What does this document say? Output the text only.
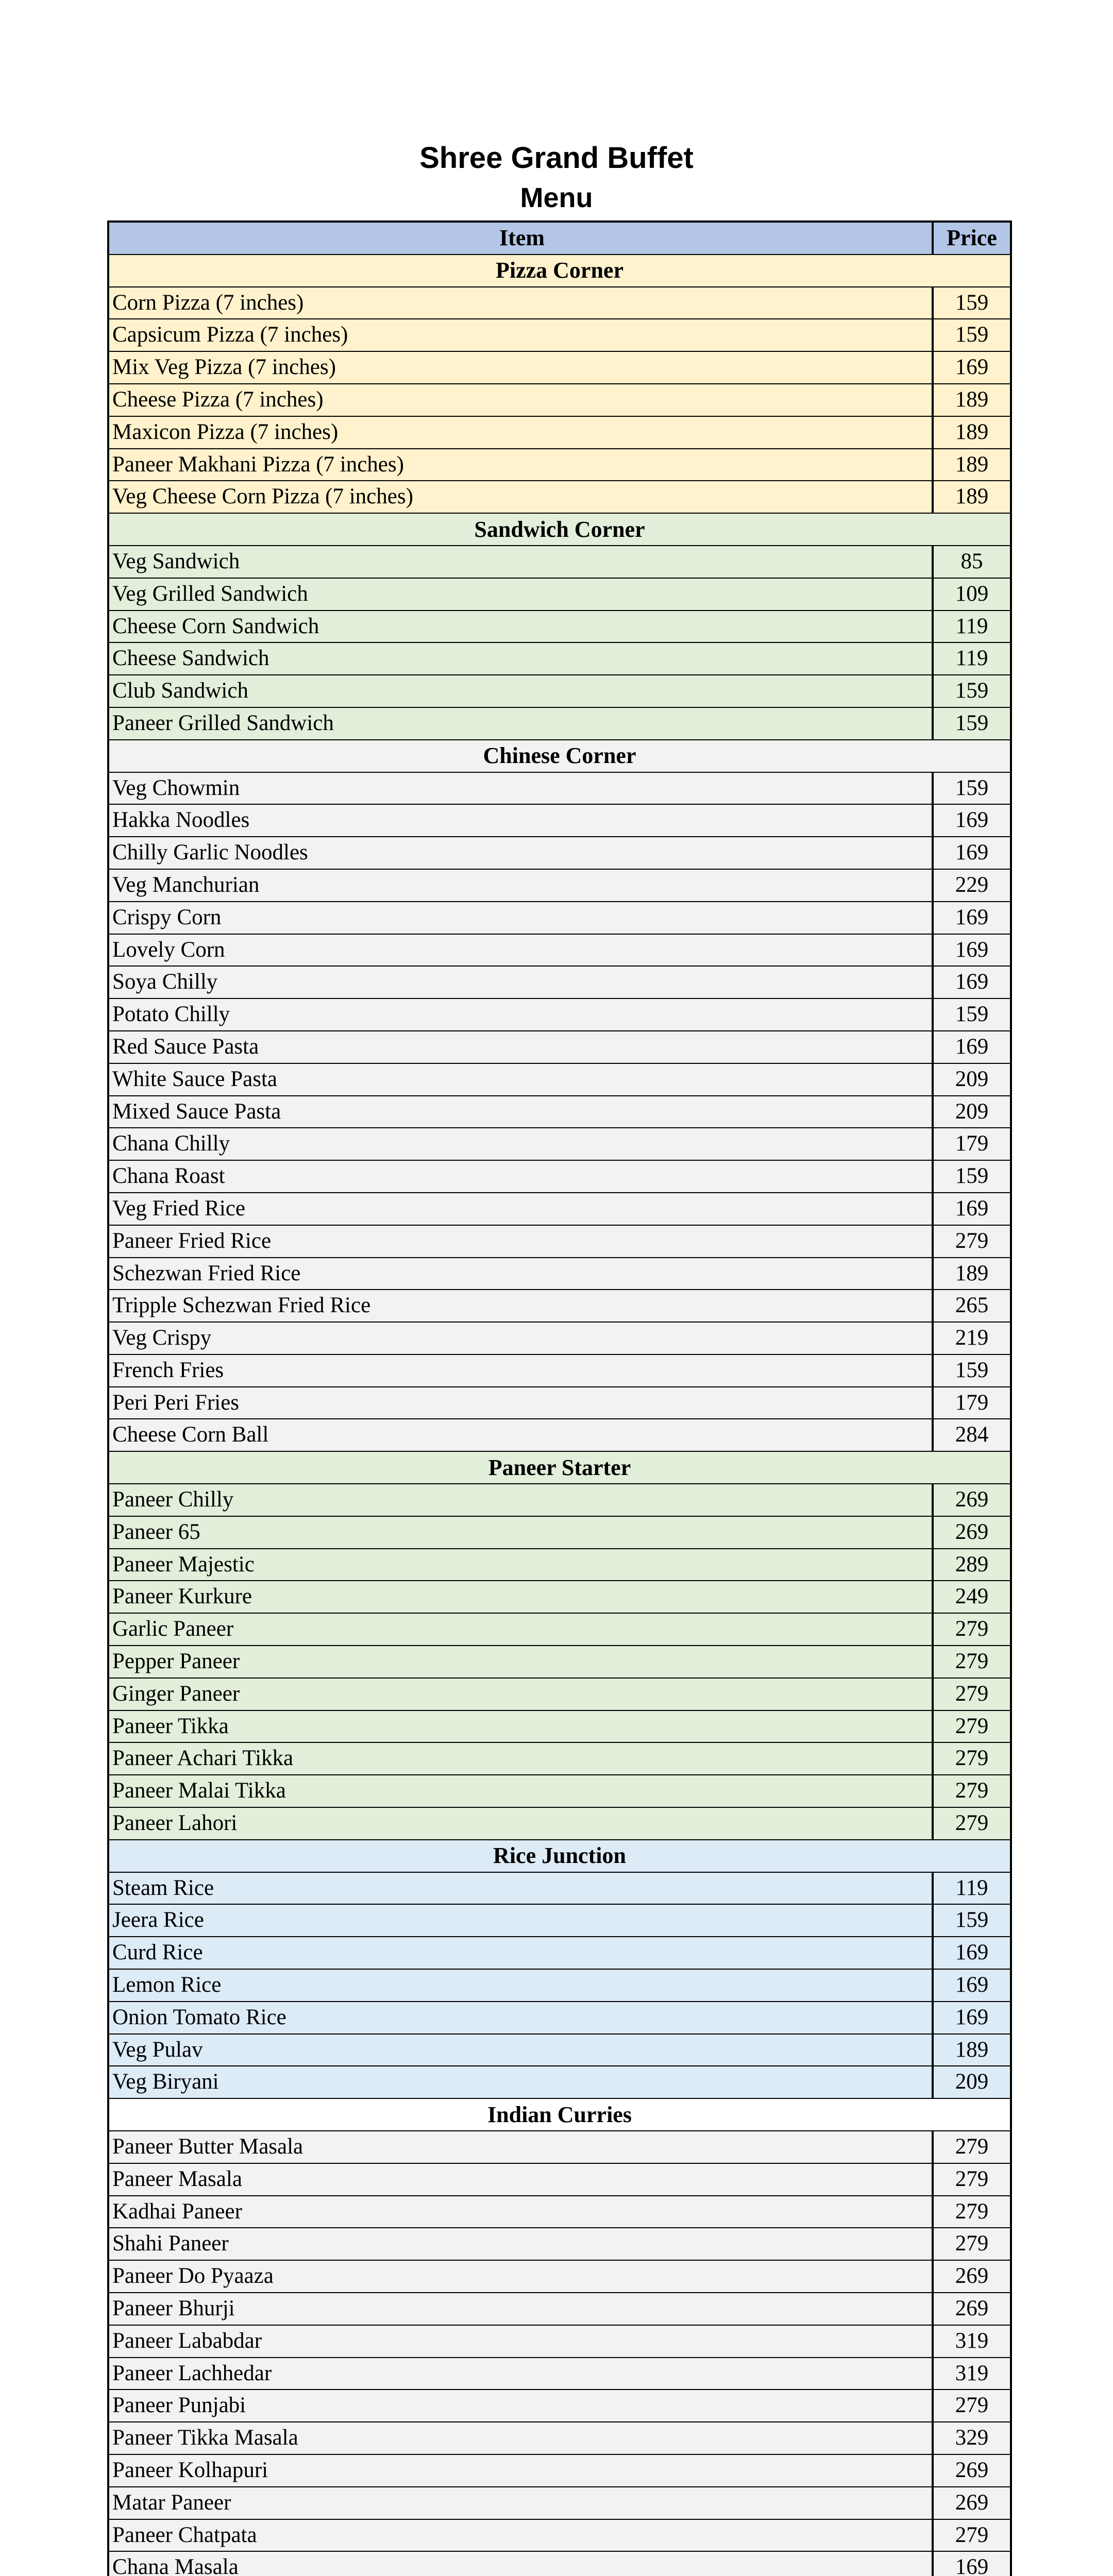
Shree Grand Buffet
Menu
Item	Price
Pizza Corner
Corn Pizza (7 inches)	159
Capsicum Pizza (7 inches)	159
Mix Veg Pizza (7 inches)	169
Cheese Pizza (7 inches)	189
Maxicon Pizza (7 inches)	189
Paneer Makhani Pizza (7 inches)	189
Veg Cheese Corn Pizza (7 inches)	189
Sandwich Corner
Veg Sandwich	85
Veg Grilled Sandwich	109
Cheese Corn Sandwich	119
Cheese Sandwich	119
Club Sandwich	159
Paneer Grilled Sandwich	159
Chinese Corner
Veg Chowmin	159
Hakka Noodles	169
Chilly Garlic Noodles	169
Veg Manchurian	229
Crispy Corn	169
Lovely Corn	169
Soya Chilly	169
Potato Chilly	159
Red Sauce Pasta	169
White Sauce Pasta	209
Mixed Sauce Pasta	209
Chana Chilly	179
Chana Roast	159
Veg Fried Rice	169
Paneer Fried Rice	279
Schezwan Fried Rice	189
Tripple Schezwan Fried Rice	265
Veg Crispy	219
French Fries	159
Peri Peri Fries	179
Cheese Corn Ball	284
Paneer Starter
Paneer Chilly	269
Paneer 65	269
Paneer Majestic	289
Paneer Kurkure	249
Garlic Paneer	279
Pepper Paneer	279
Ginger Paneer	279
Paneer Tikka	279
Paneer Achari Tikka	279
Paneer Malai Tikka	279
Paneer Lahori	279
Rice Junction
Steam Rice	119
Jeera Rice	159
Curd Rice	169
Lemon Rice	169
Onion Tomato Rice	169
Veg Pulav	189
Veg Biryani	209
Indian Curries
Paneer Butter Masala	279
Paneer Masala	279
Kadhai Paneer	279
Shahi Paneer	279
Paneer Do Pyaaza	269
Paneer Bhurji	269
Paneer Lababdar	319
Paneer Lachhedar	319
Paneer Punjabi	279
Paneer Tikka Masala	329
Paneer Kolhapuri	269
Matar Paneer	269
Paneer Chatpata	279
Chana Masala	169
